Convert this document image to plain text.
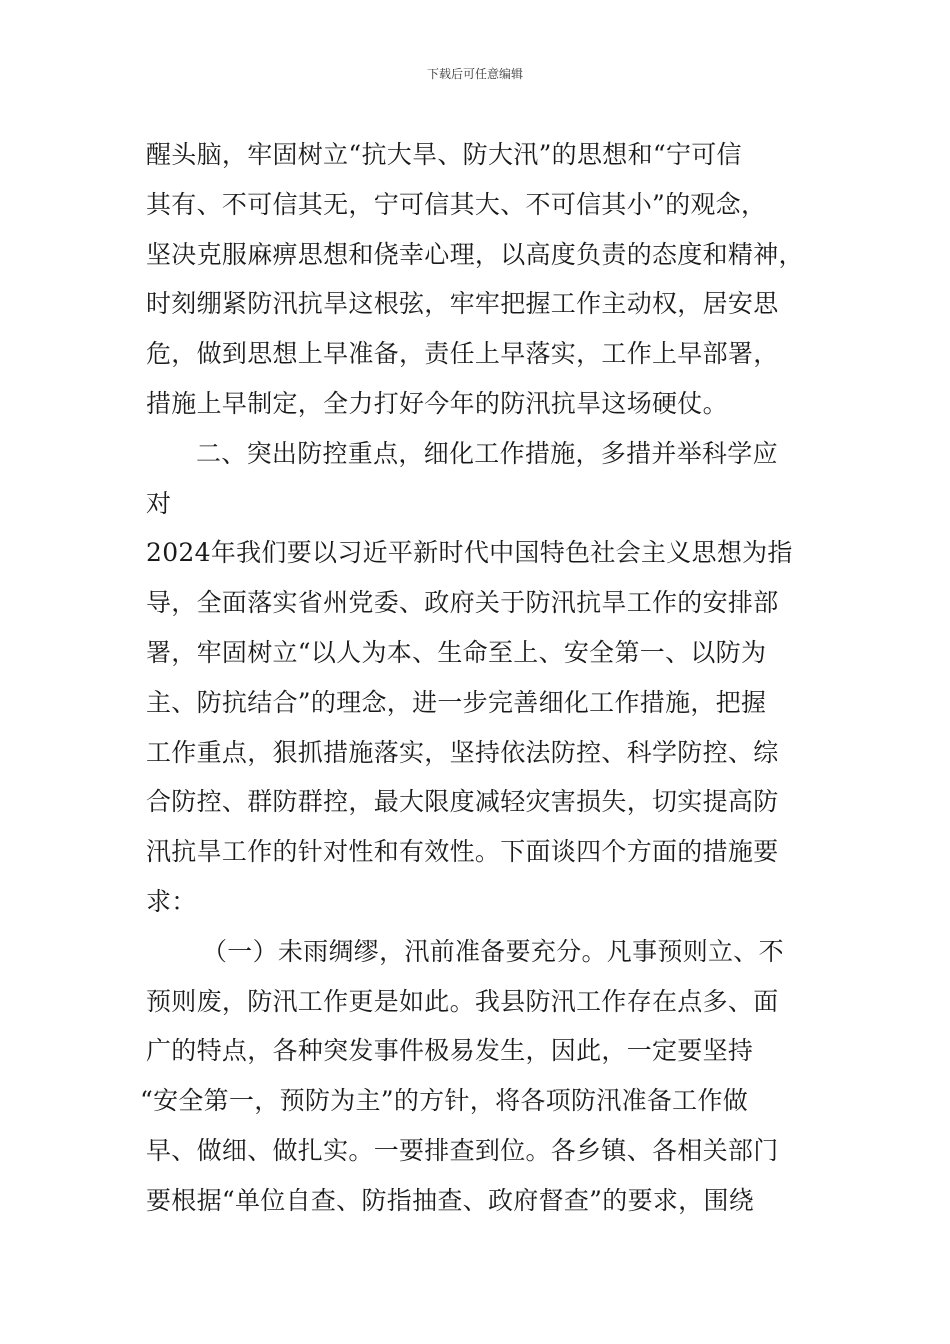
下载后可任意编辑
醒头脑，牢固树立“抗大旱、防大汛”的思想和“宁可信
其有、不可信其无，宁可信其大、不可信其小”的观念，
坚决克服麻痹思想和侥幸心理，以高度负责的态度和精神，
时刻绷紧防汛抗旱这根弦，牢牢把握工作主动权，居安思
危，做到思想上早准备，责任上早落实，工作上早部署，
措施上早制定，全力打好今年的防汛抗旱这场硬仗。
二、突出防控重点，细化工作措施，多措并举科学应
对
2024年我们要以习近平新时代中国特色社会主义思想为指
导，全面落实省州党委、政府关于防汛抗旱工作的安排部
署，牢固树立“以人为本、生命至上、安全第一、以防为
主、防抗结合”的理念，进一步完善细化工作措施，把握
工作重点，狠抓措施落实，坚持依法防控、科学防控、综
合防控、群防群控，最大限度减轻灾害损失，切实提高防
汛抗旱工作的针对性和有效性。下面谈四个方面的措施要
求：
（一）未雨绸缪，汛前准备要充分。凡事预则立、不
预则废，防汛工作更是如此。我县防汛工作存在点多、面
广的特点，各种突发事件极易发生，因此，一定要坚持
“安全第一，预防为主”的方针，将各项防汛准备工作做
早、做细、做扎实。一要排查到位。各乡镇、各相关部门
要根据“单位自查、防指抽查、政府督查”的要求，围绕
